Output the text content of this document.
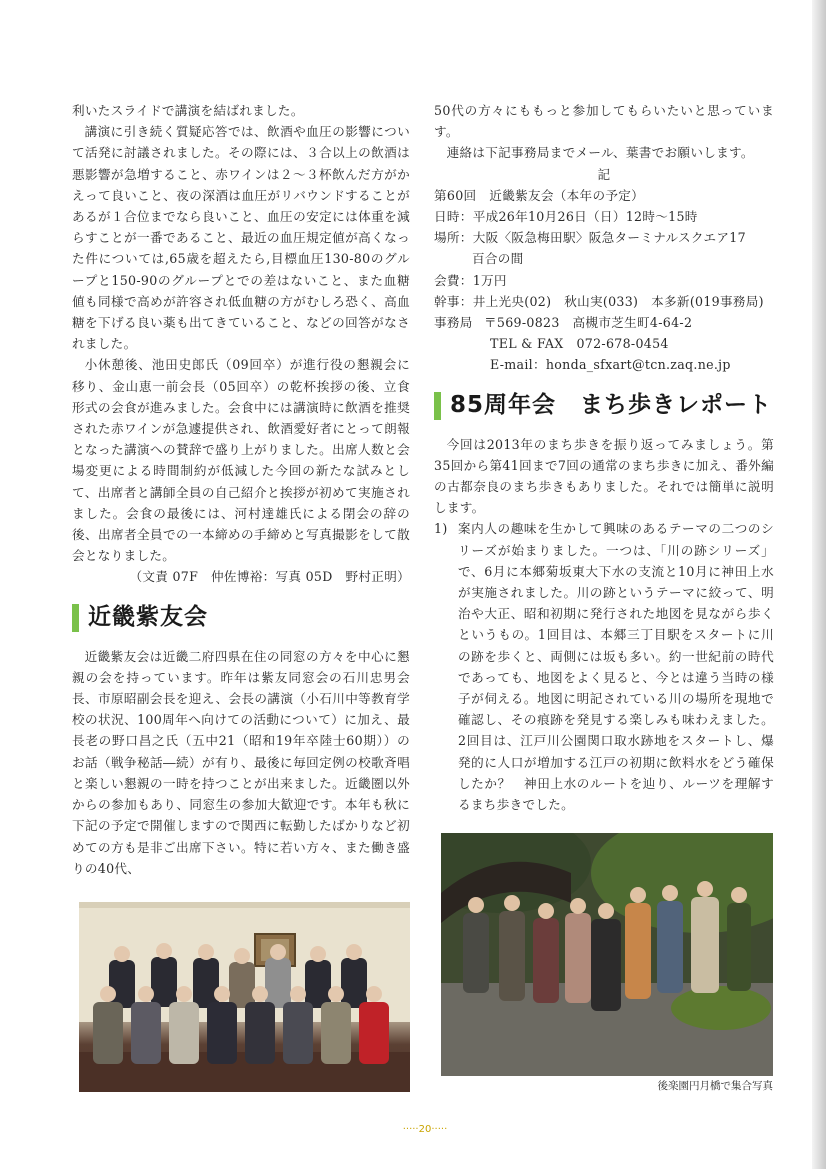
利いたスライドで講演を結ばれました。

講演に引き続く質疑応答では、飲酒や血圧の影響について活発に討議されました。その際には、３合以上の飲酒は悪影響が急増すること、赤ワインは２～３杯飲んだ方がかえって良いこと、夜の深酒は血圧がリバウンドすることがあるが１合位までなら良いこと、血圧の安定には体重を減らすことが一番であること、最近の血圧規定値が高くなった件については,65歳を超えたら,目標血圧130-80のグループと150-90のグループとでの差はないこと、また血糖値も同様で高めが許容され低血糖の方がむしろ恐く、高血糖を下げる良い薬も出てきていること、などの回答がなされました。

小休憩後、池田史郎氏（09回卒）が進行役の懇親会に移り、金山恵一前会長（05回卒）の乾杯挨拶の後、立食形式の会食が進みました。会食中には講演時に飲酒を推奨された赤ワインが急遽提供され、飲酒愛好者にとって朗報となった講演への賛辞で盛り上がりました。出席人数と会場変更による時間制約が低減した今回の新たな試みとして、出席者と講師全員の自己紹介と挨拶が初めて実施されました。会食の最後には、河村達雄氏による閉会の辞の後、出席者全員での一本締めの手締めと写真撮影をして散会となりました。

（文責 07F　仲佐博裕：写真 05D　野村正明）

近畿紫友会

近畿紫友会は近畿二府四県在住の同窓の方々を中心に懇親の会を持っています。昨年は紫友同窓会の石川忠男会長、市原昭副会長を迎え、会長の講演（小石川中等教育学校の状況、100周年へ向けての活動について）に加え、最長老の野口昌之氏（五中21（昭和19年卒陸士60期））のお話（戦争秘話―続）が有り、最後に毎回定例の校歌斉唱と楽しい懇親の一時を持つことが出来ました。近畿圏以外からの参加もあり、同窓生の参加大歓迎です。本年も秋に下記の予定で開催しますので関西に転勤したばかりなど初めての方も是非ご出席下さい。特に若い方々、また働き盛りの40代、

50代の方々にももっと参加してもらいたいと思っています。

連絡は下記事務局までメール、葉書でお願いします。

記

第60回　近畿紫友会（本年の予定）

日時： 平成26年10月26日（日）12時～15時
場所： 大阪〈阪急梅田駅〉阪急ターミナルスクエア17

百合の間

会費： 1万円
幹事： 井上光央(02)　秋山実(033)　本多新(019事務局)
事務局 〒569-0823　高槻市芝生町4-64-2

TEL & FAX　072-678-0454

E-mail：honda_sfxart@tcn.zaq.ne.jp

85周年会　まち歩きレポート

今回は2013年のまち歩きを振り返ってみましょう。第35回から第41回まで7回の通常のまち歩きに加え、番外編の古都奈良のまち歩きもありました。それでは簡単に説明します。

1) 案内人の趣味を生かして興味のあるテーマの二つのシリーズが始まりました。一つは、「川の跡シリーズ」で、6月に本郷菊坂東大下水の支流と10月に神田上水が実施されました。川の跡というテーマに絞って、明治や大正、昭和初期に発行された地図を見ながら歩くというもの。1回目は、本郷三丁目駅をスタートに川の跡を歩くと、両側には坂も多い。約一世紀前の時代であっても、地図をよく見ると、今とは違う当時の様子が伺える。地図に明記されている川の場所を現地で確認し、その痕跡を発見する楽しみも味わえました。2回目は、江戸川公園関口取水跡地をスタートし、爆発的に人口が増加する江戸の初期に飲料水をどう確保したか？　神田上水のルートを辿り、ルーツを理解するまち歩きでした。
後楽園円月橋で集合写真
·····20·····
